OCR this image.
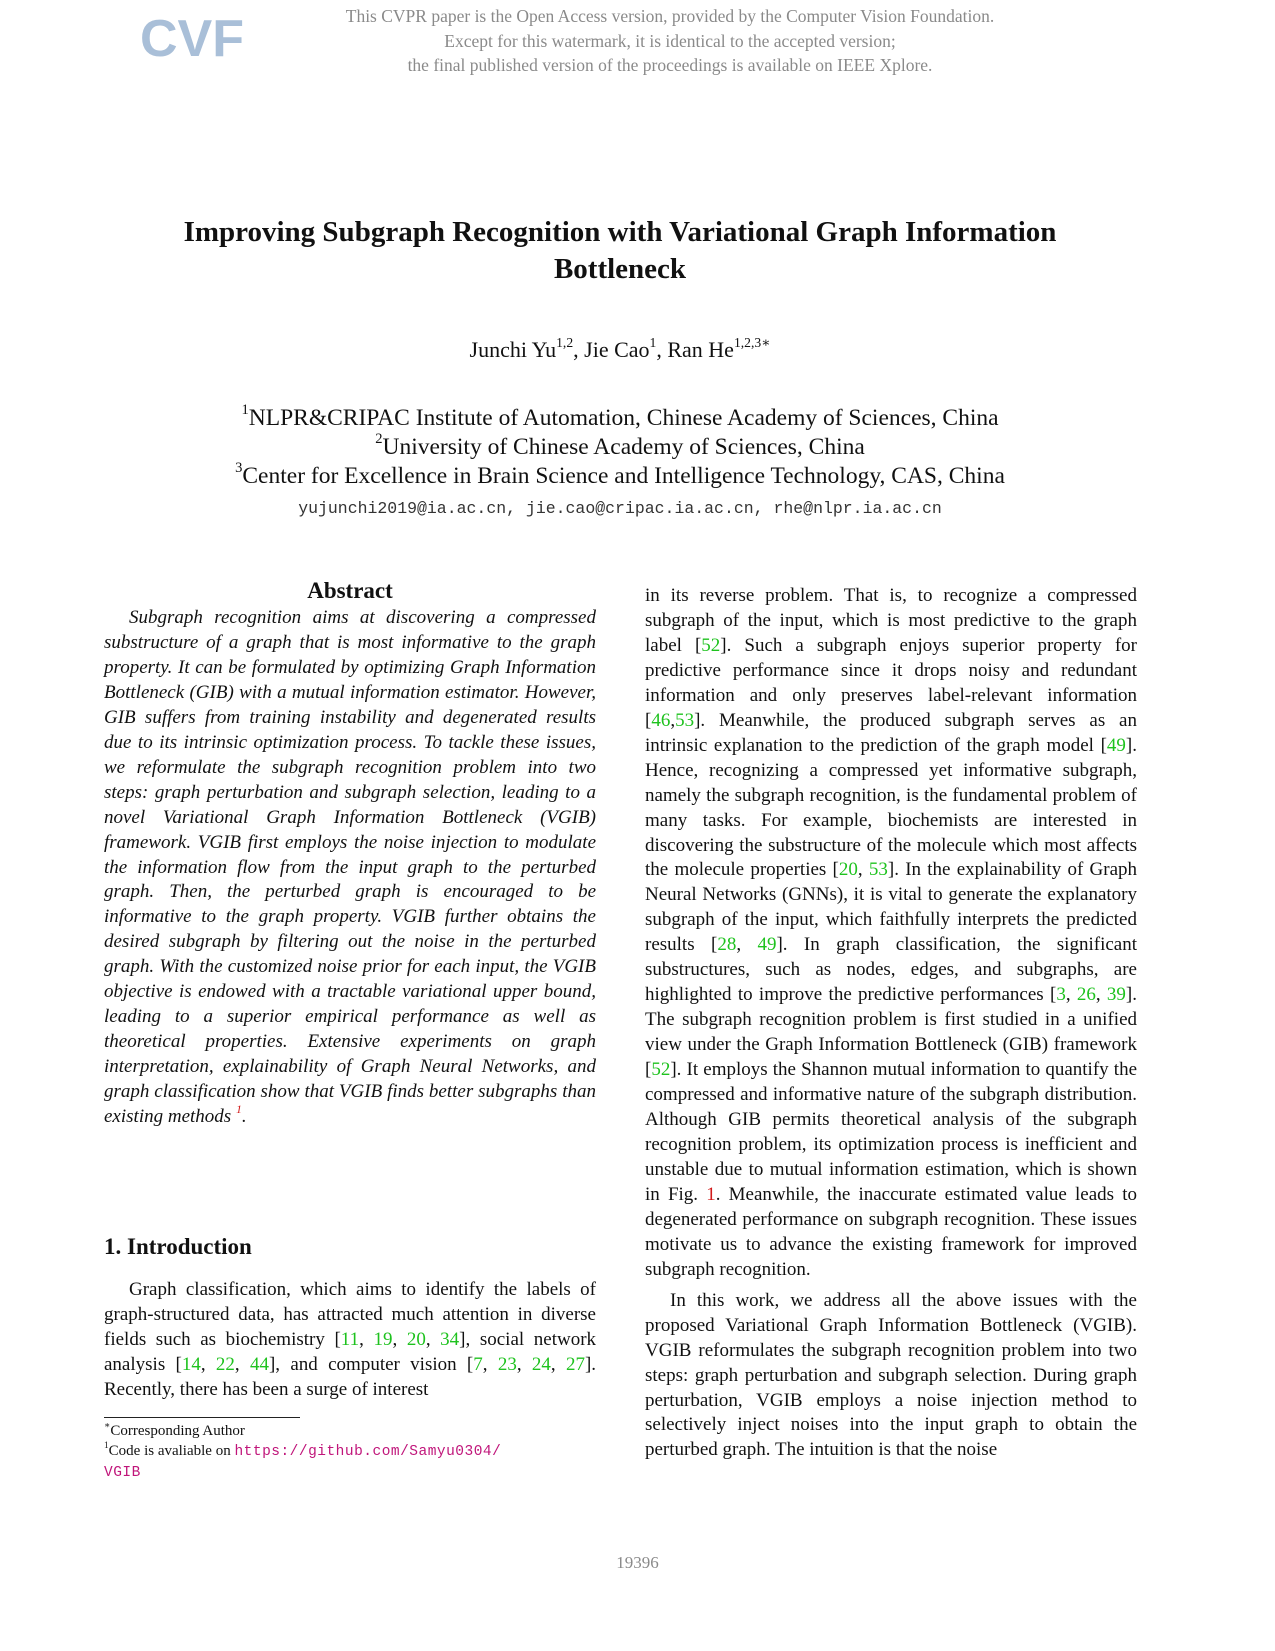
CVF	This CVPR paper is the Open Access version, provided by the Computer Vision Foundation.
Except for this watermark, it is identical to the accepted version;
the final published version of the proceedings is available on IEEE Xplore.
Improving Subgraph Recognition with Variational Graph Information
Bottleneck
Junchi Yu$^{1,2}$, Jie Cao$^1$, Ran $He^{1,2,3∗}$
$^1$NLPR&CRIPAC Institute of Automation, Chinese Academy of Sciences, China
$^2$University of Chinese Academy of Sciences, China
$^3$Center for Excellence in Brain Science and Intelligence Technology, CAS, China
yujunchi2019@ia.ac.cn, jie.cao@cripac.ia.ac.cn, rhe@nlpr.ia.ac.cn
Abstract

Subgraph recognition aims at discovering a compressed substructure of a graph that is most informative to the graph property. It can be formulated by optimizing Graph Information Bottleneck (GIB) with a mutual information estimator. However, GIB suffers from training instability and degenerated results due to its intrinsic optimization process. To tackle these issues, we reformulate the subgraph recognition problem into two steps: graph perturbation and subgraph selection, leading to a novel Variational Graph Information Bottleneck (VGIB) framework. VGIB first employs the noise injection to modulate the information flow from the input graph to the perturbed graph. Then, the perturbed graph is encouraged to be informative to the graph property. VGIB further obtains the desired subgraph by filtering out the noise in the perturbed graph. With the customized noise prior for each input, the VGIB objective is endowed with a tractable variational upper bound, leading to a superior empirical performance as well as theoretical properties. Extensive experiments on graph interpretation, explainability of Graph Neural Networks, and graph classification show that VGIB finds better subgraphs than existing methods $^1$.

1. Introduction

Graph classification, which aims to identify the labels of graph-structured data, has attracted much attention in diverse fields such as biochemistry [11, 19, 20, 34], social network analysis [14, 22, 44], and computer vision [7, 23, 24, 27]. Recently, there has been a surge of interest

∗Corresponding Author
$^1$Code is avaliable on https://github.com/Samyu0304/
VGIB

in its reverse problem. That is, to recognize a compressed subgraph of the input, which is most predictive to the graph label [52]. Such a subgraph enjoys superior property for predictive performance since it drops noisy and redundant information and only preserves label-relevant information [46,53]. Meanwhile, the produced subgraph serves as an intrinsic explanation to the prediction of the graph model [49]. Hence, recognizing a compressed yet informative subgraph, namely the subgraph recognition, is the fundamental problem of many tasks. For example, biochemists are interested in discovering the substructure of the molecule which most affects the molecule properties [20, 53]. In the explainability of Graph Neural Networks (GNNs), it is vital to generate the explanatory subgraph of the input, which faithfully interprets the predicted results [28, 49]. In graph classification, the significant substructures, such as nodes, edges, and subgraphs, are highlighted to improve the predictive performances [3, 26, 39]. The subgraph recognition problem is first studied in a unified view under the Graph Information Bottleneck (GIB) framework [52]. It employs the Shannon mutual information to quantify the compressed and informative nature of the subgraph distribution. Although GIB permits theoretical analysis of the subgraph recognition problem, its optimization process is inefficient and unstable due to mutual information estimation, which is shown in Fig. 1. Meanwhile, the inaccurate estimated value leads to degenerated performance on subgraph recognition. These issues motivate us to advance the existing framework for improved subgraph recognition.

In this work, we address all the above issues with the proposed Variational Graph Information Bottleneck (VGIB). VGIB reformulates the subgraph recognition problem into two steps: graph perturbation and subgraph selection. During graph perturbation, VGIB employs a noise injection method to selectively inject noises into the input graph to obtain the perturbed graph. The intuition is that the noise

19396
